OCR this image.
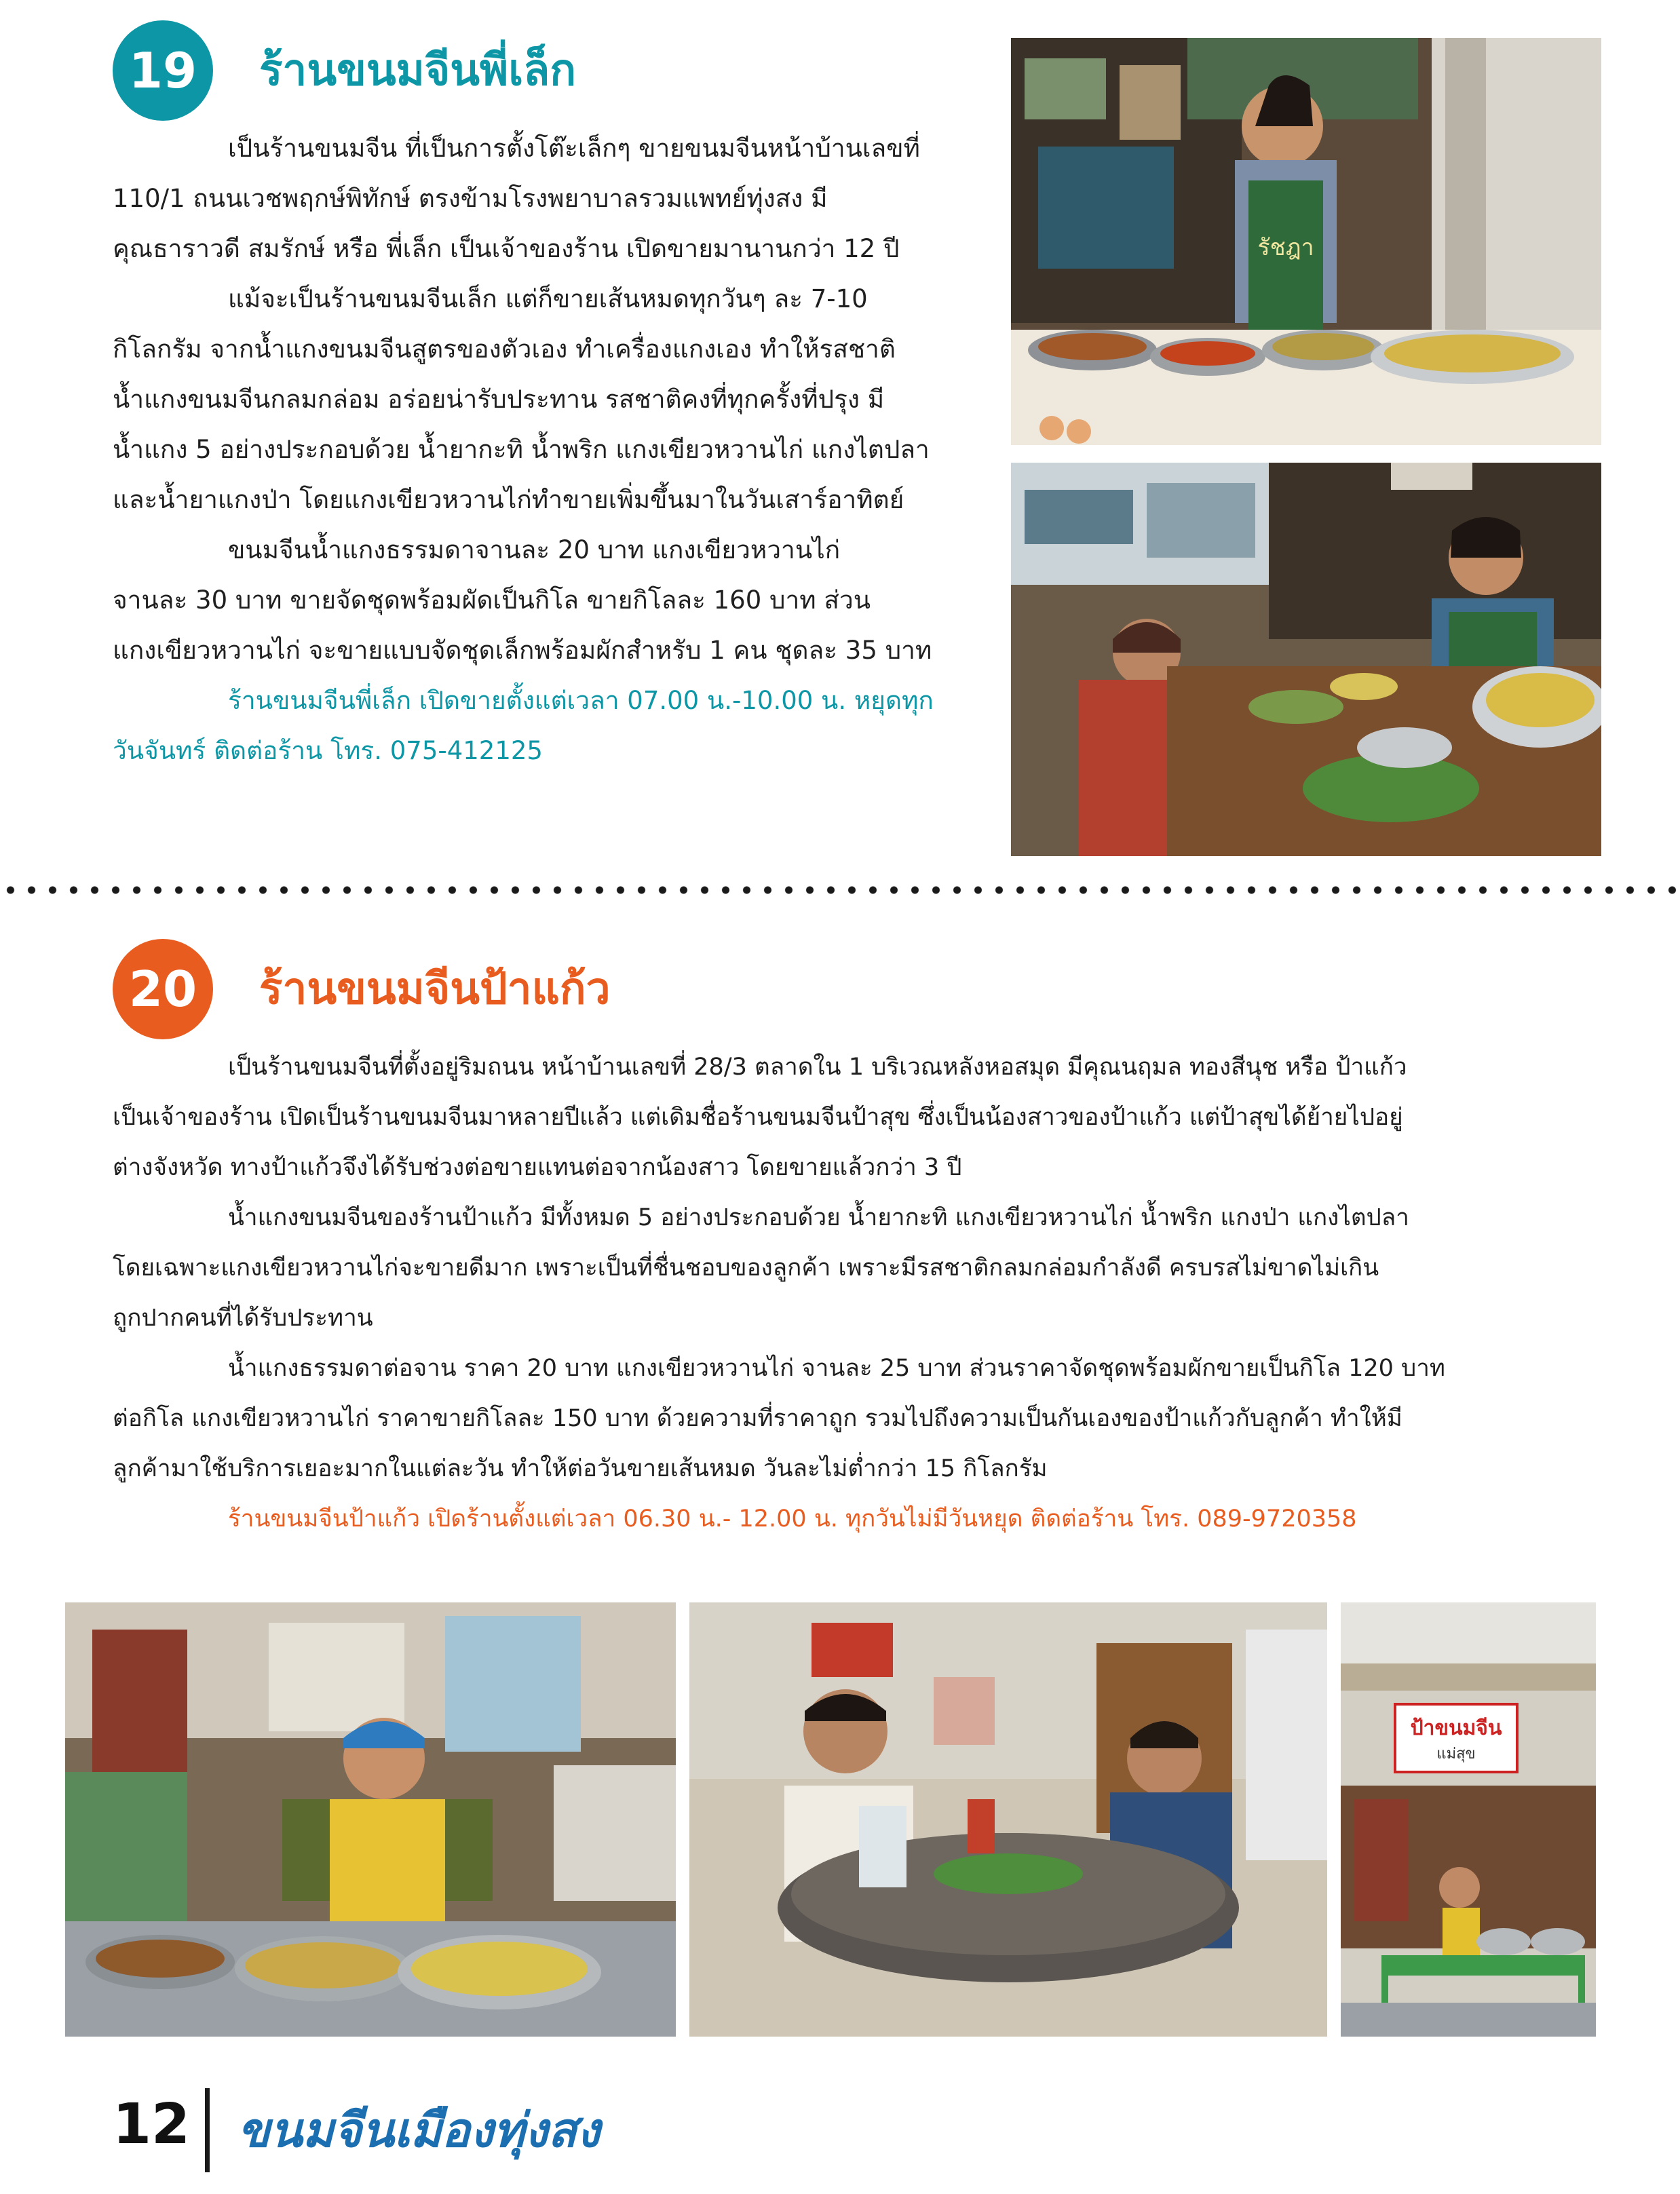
19	ร้านขนมจีนพี่เล็ก
เป็นร้านขนมจีน ที่เป็นการตั้งโต๊ะเล็กๆ ขายขนมจีนหน้าบ้านเลขที่
110/1 ถนนเวชพฤกษ์พิทักษ์ ตรงข้ามโรงพยาบาลรวมแพทย์ทุ่งสง มี
คุณธาราวดี สมรักษ์ หรือ พี่เล็ก เป็นเจ้าของร้าน เปิดขายมานานกว่า 12 ปี
แม้จะเป็นร้านขนมจีนเล็ก แต่ก็ขายเส้นหมดทุกวันๆ ละ 7-10
กิโลกรัม จากน้ำแกงขนมจีนสูตรของตัวเอง ทำเครื่องแกงเอง ทำให้รสชาติ
น้ำแกงขนมจีนกลมกล่อม อร่อยน่ารับประทาน รสชาติคงที่ทุกครั้งที่ปรุง มี
น้ำแกง 5 อย่างประกอบด้วย น้ำยากะทิ น้ำพริก แกงเขียวหวานไก่ แกงไตปลา
และน้ำยาแกงป่า โดยแกงเขียวหวานไก่ทำขายเพิ่มขึ้นมาในวันเสาร์อาทิตย์
ขนมจีนน้ำแกงธรรมดาจานละ 20 บาท แกงเขียวหวานไก่
จานละ 30 บาท ขายจัดชุดพร้อมผัดเป็นกิโล ขายกิโลละ 160 บาท ส่วน
แกงเขียวหวานไก่ จะขายแบบจัดชุดเล็กพร้อมผักสำหรับ 1 คน ชุดละ 35 บาท
ร้านขนมจีนพี่เล็ก เปิดขายตั้งแต่เวลา 07.00 น.-10.00 น. หยุดทุก
วันจันทร์ ติดต่อร้าน โทร. 075-412125
รัชฎา
20	ร้านขนมจีนป้าแก้ว
เป็นร้านขนมจีนที่ตั้งอยู่ริมถนน หน้าบ้านเลขที่ 28/3 ตลาดใน 1 บริเวณหลังหอสมุด มีคุณนฤมล ทองสีนุช หรือ ป้าแก้ว
เป็นเจ้าของร้าน เปิดเป็นร้านขนมจีนมาหลายปีแล้ว แต่เดิมชื่อร้านขนมจีนป้าสุข ซึ่งเป็นน้องสาวของป้าแก้ว แต่ป้าสุขได้ย้ายไปอยู่
ต่างจังหวัด ทางป้าแก้วจึงได้รับช่วงต่อขายแทนต่อจากน้องสาว โดยขายแล้วกว่า 3 ปี
น้ำแกงขนมจีนของร้านป้าแก้ว มีทั้งหมด 5 อย่างประกอบด้วย น้ำยากะทิ แกงเขียวหวานไก่ น้ำพริก แกงป่า แกงไตปลา
โดยเฉพาะแกงเขียวหวานไก่จะขายดีมาก เพราะเป็นที่ชื่นชอบของลูกค้า เพราะมีรสชาติกลมกล่อมกำลังดี ครบรสไม่ขาดไม่เกิน
ถูกปากคนที่ได้รับประทาน
น้ำแกงธรรมดาต่อจาน ราคา 20 บาท แกงเขียวหวานไก่ จานละ 25 บาท ส่วนราคาจัดชุดพร้อมผักขายเป็นกิโล 120 บาท
ต่อกิโล แกงเขียวหวานไก่ ราคาขายกิโลละ 150 บาท ด้วยความที่ราคาถูก รวมไปถึงความเป็นกันเองของป้าแก้วกับลูกค้า ทำให้มี
ลูกค้ามาใช้บริการเยอะมากในแต่ละวัน ทำให้ต่อวันขายเส้นหมด วันละไม่ต่ำกว่า 15 กิโลกรัม
ร้านขนมจีนป้าแก้ว เปิดร้านตั้งแต่เวลา 06.30 น.- 12.00 น. ทุกวันไม่มีวันหยุด ติดต่อร้าน โทร. 089-9720358
ป้าขนมจีน
แม่สุข
12 ขนมจีนเมืองทุ่งสง
